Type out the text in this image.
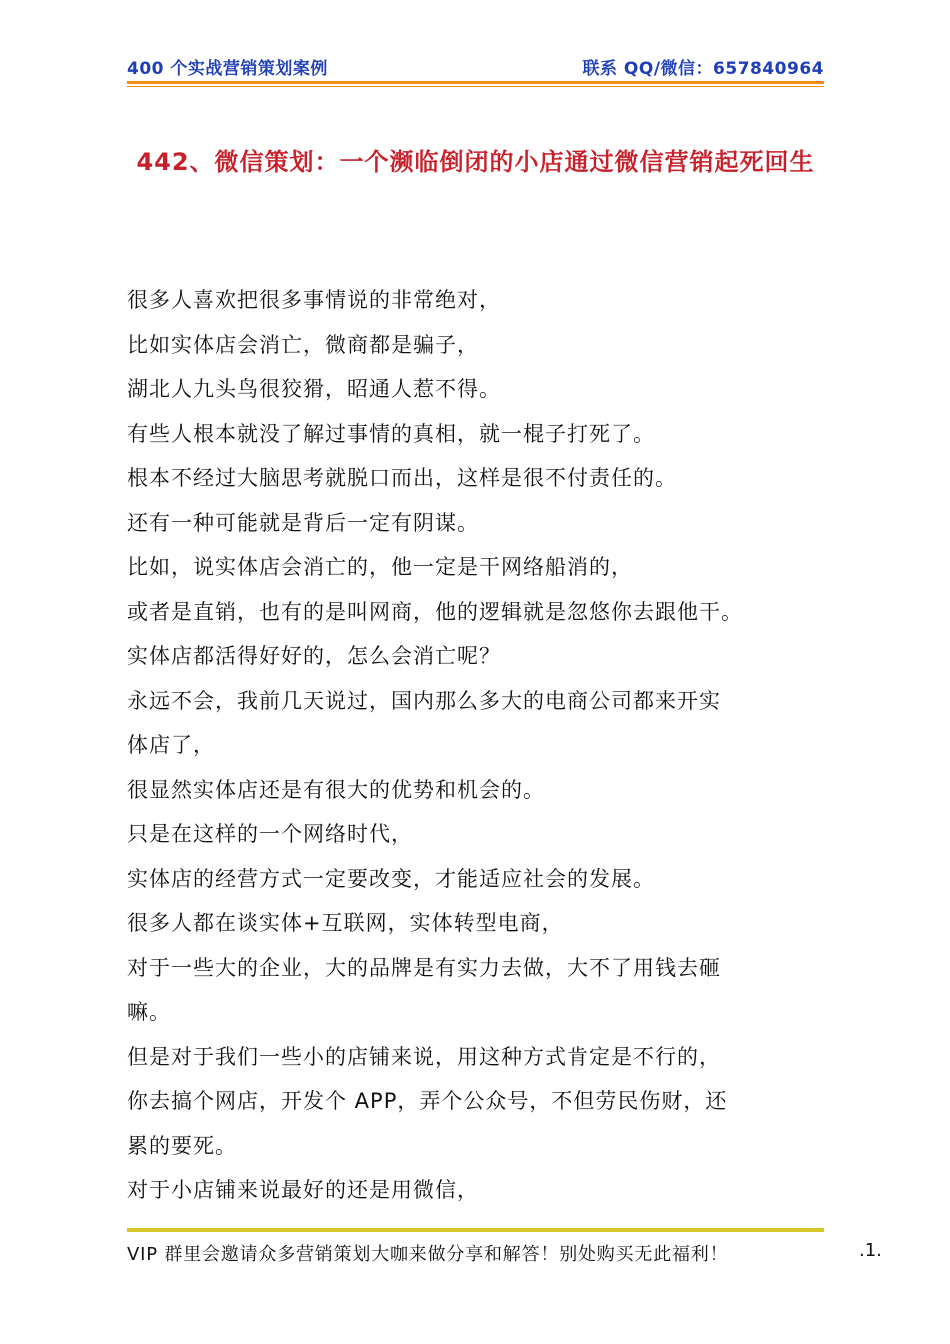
400 个实战营销策划案例	联系 QQ/微信：657840964
442、微信策划：一个濒临倒闭的小店通过微信营销起死回生
很多人喜欢把很多事情说的非常绝对，
比如实体店会消亡，微商都是骗子，
湖北人九头鸟很狡猾，昭通人惹不得。
有些人根本就没了解过事情的真相，就一棍子打死了。
根本不经过大脑思考就脱口而出，这样是很不付责任的。
还有一种可能就是背后一定有阴谋。
比如，说实体店会消亡的，他一定是干网络船消的，
或者是直销，也有的是叫网商，他的逻辑就是忽悠你去跟他干。
实体店都活得好好的，怎么会消亡呢？
永远不会，我前几天说过，国内那么多大的电商公司都来开实
体店了，
很显然实体店还是有很大的优势和机会的。
只是在这样的一个网络时代，
实体店的经营方式一定要改变，才能适应社会的发展。
很多人都在谈实体+互联网，实体转型电商，
对于一些大的企业，大的品牌是有实力去做，大不了用钱去砸
嘛。
但是对于我们一些小的店铺来说，用这种方式肯定是不行的，
你去搞个网店，开发个 APP，弄个公众号，不但劳民伤财，还
累的要死。
对于小店铺来说最好的还是用微信，
VIP 群里会邀请众多营销策划大咖来做分享和解答！别处购买无此福利！	.1.
